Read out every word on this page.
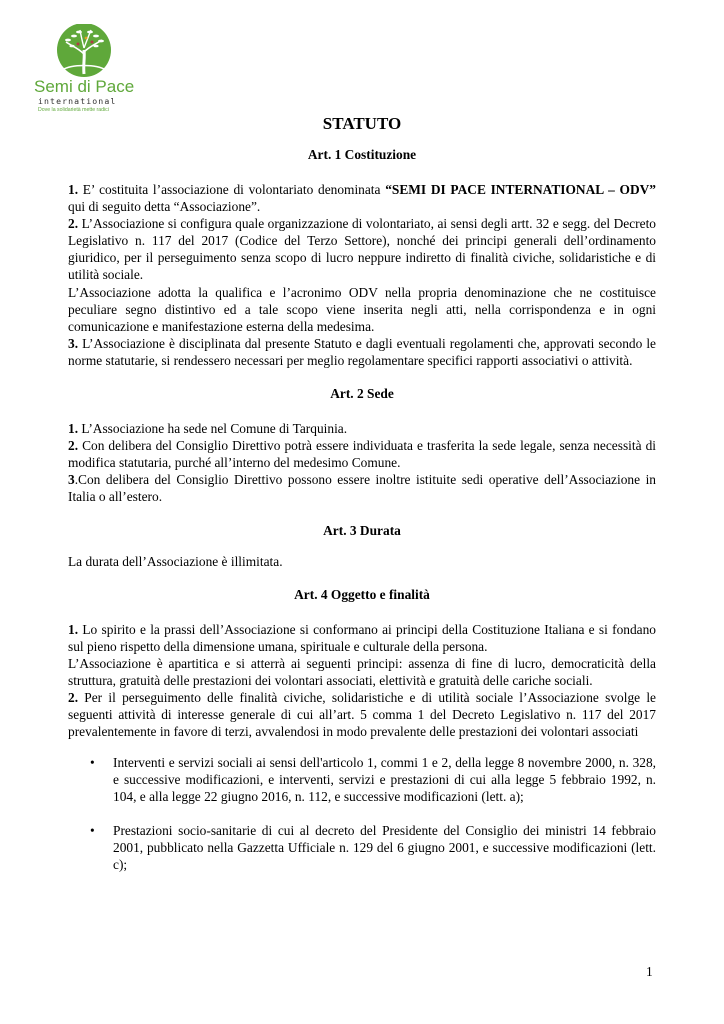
Semi di Pace
international
Dove la solidarietà mette radici
STATUTO
Art. 1 Costituzione

1. E’ costituita l’associazione di volontariato denominata “SEMI DI PACE INTERNATIONAL – ODV” qui di seguito detta “Associazione”.

2. L’Associazione si configura quale organizzazione di volontariato, ai sensi degli artt. 32 e segg. del Decreto Legislativo n. 117 del 2017 (Codice del Terzo Settore), nonché dei principi generali dell’ordinamento giuridico, per il perseguimento senza scopo di lucro neppure indiretto di finalità civiche, solidaristiche e di utilità sociale.

L’Associazione adotta la qualifica e l’acronimo ODV nella propria denominazione che ne costituisce peculiare segno distintivo ed a tale scopo viene inserita negli atti, nella corrispondenza e in ogni comunicazione e manifestazione esterna della medesima.

3. L’Associazione è disciplinata dal presente Statuto e dagli eventuali regolamenti che, approvati secondo le norme statutarie, si rendessero necessari per meglio regolamentare specifici rapporti associativi o attività.

Art. 2 Sede

1. L’Associazione ha sede nel Comune di Tarquinia.

2. Con delibera del Consiglio Direttivo potrà essere individuata e trasferita la sede legale, senza necessità di modifica statutaria, purché all’interno del medesimo Comune.

3.Con delibera del Consiglio Direttivo possono essere inoltre istituite sedi operative dell’Associazione in Italia o all’estero.

Art. 3 Durata

La durata dell’Associazione è illimitata.

Art. 4 Oggetto e finalità

1. Lo spirito e la prassi dell’Associazione si conformano ai principi della Costituzione Italiana e si fondano sul pieno rispetto della dimensione umana, spirituale e culturale della persona.

L’Associazione è apartitica e si atterrà ai seguenti principi: assenza di fine di lucro, democraticità della struttura, gratuità delle prestazioni dei volontari associati, elettività e gratuità delle cariche sociali.

2. Per il perseguimento delle finalità civiche, solidaristiche e di utilità sociale l’Associazione svolge le seguenti attività di interesse generale di cui all’art. 5 comma 1 del Decreto Legislativo n. 117 del 2017 prevalentemente in favore di terzi, avvalendosi in modo prevalente delle prestazioni dei volontari associati

• Interventi e servizi sociali ai sensi dell'articolo 1, commi 1 e 2, della legge 8 novembre 2000, n. 328, e successive modificazioni, e interventi, servizi e prestazioni di cui alla legge 5 febbraio 1992, n. 104, e alla legge 22 giugno 2016, n. 112, e successive modificazioni (lett. a);
• Prestazioni socio-sanitarie di cui al decreto del Presidente del Consiglio dei ministri 14 febbraio 2001, pubblicato nella Gazzetta Ufficiale n. 129 del 6 giugno 2001, e successive modificazioni (lett. c);
1
